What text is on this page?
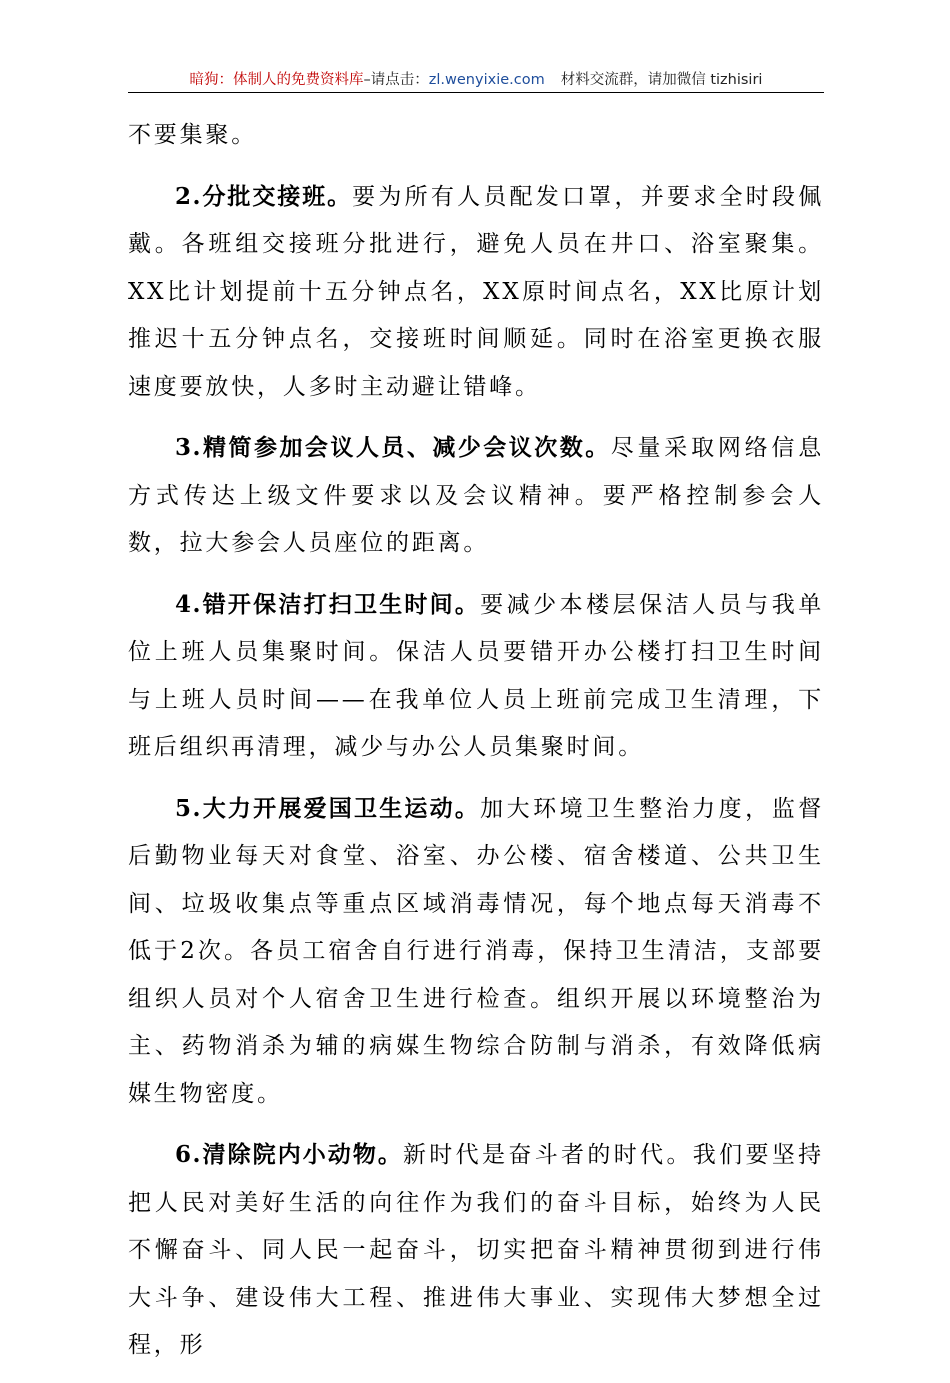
暗狗：体制人的免费资料库–请点击：zl.wenyixie.com 材料交流群，请加微信 tizhisiri

不要集聚。

2.分批交接班。要为所有人员配发口罩，并要求全时段佩戴。各班组交接班分批进行，避免人员在井口、浴室聚集。XX比计划提前十五分钟点名，XX原时间点名，XX比原计划推迟十五分钟点名，交接班时间顺延。同时在浴室更换衣服速度要放快，人多时主动避让错峰。

3.精简参加会议人员、减少会议次数。尽量采取网络信息方式传达上级文件要求以及会议精神。要严格控制参会人数，拉大参会人员座位的距离。

4.错开保洁打扫卫生时间。要减少本楼层保洁人员与我单位上班人员集聚时间。保洁人员要错开办公楼打扫卫生时间与上班人员时间——在我单位人员上班前完成卫生清理，下班后组织再清理，减少与办公人员集聚时间。

5.大力开展爱国卫生运动。加大环境卫生整治力度，监督后勤物业每天对食堂、浴室、办公楼、宿舍楼道、公共卫生间、垃圾收集点等重点区域消毒情况，每个地点每天消毒不低于2次。各员工宿舍自行进行消毒，保持卫生清洁，支部要组织人员对个人宿舍卫生进行检查。组织开展以环境整治为主、药物消杀为辅的病媒生物综合防制与消杀，有效降低病媒生物密度。

6.清除院内小动物。新时代是奋斗者的时代。我们要坚持把人民对美好生活的向往作为我们的奋斗目标，始终为人民不懈奋斗、同人民一起奋斗，切实把奋斗精神贯彻到进行伟大斗争、建设伟大工程、推进伟大事业、实现伟大梦想全过程，形
